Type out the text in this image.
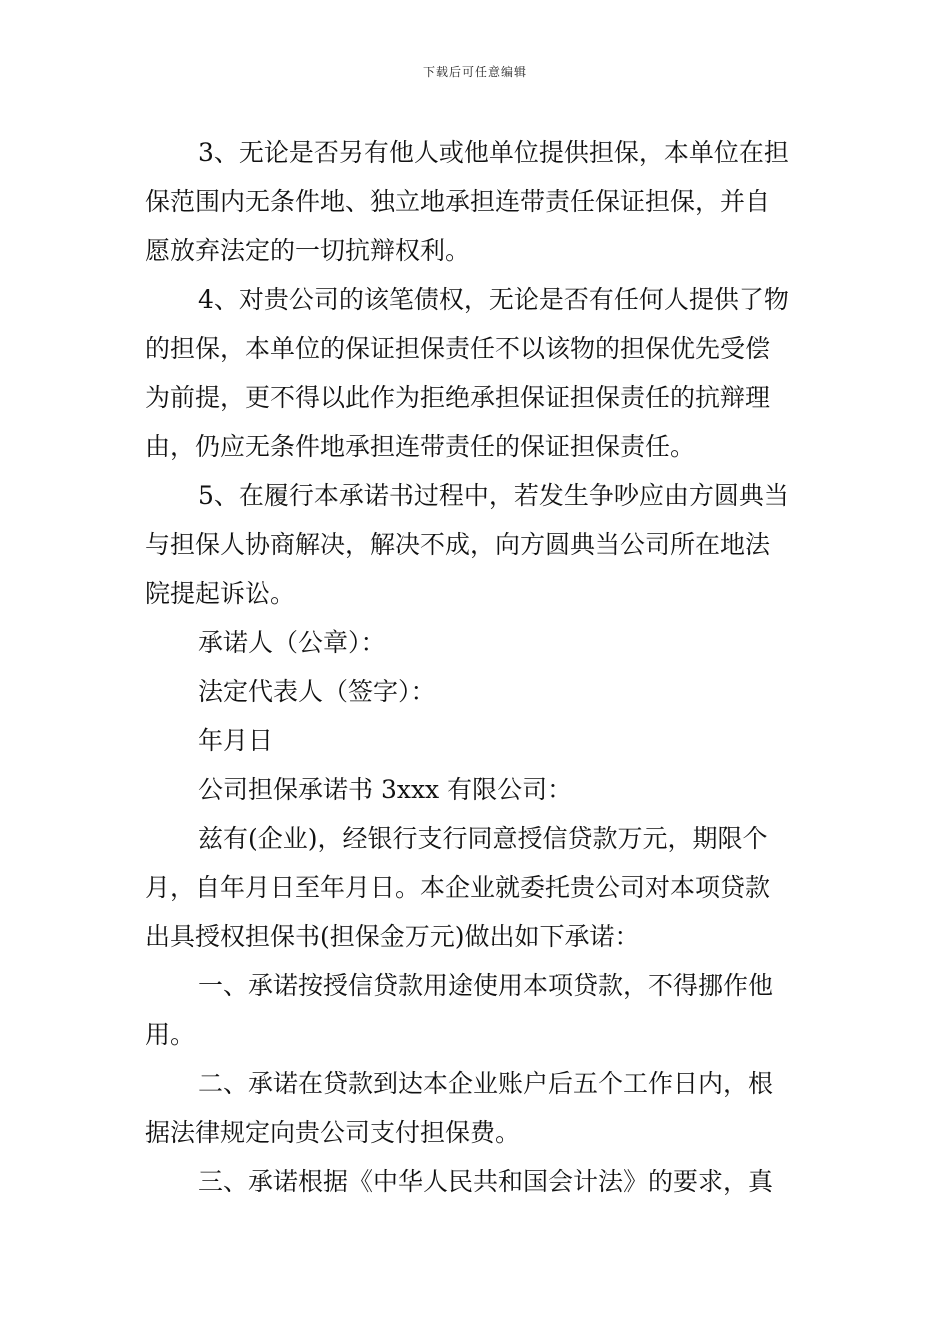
下载后可任意编辑
3、无论是否另有他人或他单位提供担保，本单位在担
保范围内无条件地、独立地承担连带责任保证担保，并自
愿放弃法定的一切抗辩权利。
4、对贵公司的该笔债权，无论是否有任何人提供了物
的担保，本单位的保证担保责任不以该物的担保优先受偿
为前提，更不得以此作为拒绝承担保证担保责任的抗辩理
由，仍应无条件地承担连带责任的保证担保责任。
5、在履行本承诺书过程中，若发生争吵应由方圆典当
与担保人协商解决，解决不成，向方圆典当公司所在地法
院提起诉讼。
承诺人（公章）：
法定代表人（签字）：
年月日
公司担保承诺书 3xxx 有限公司：
兹有(企业)，经银行支行同意授信贷款万元，期限个
月，自年月日至年月日。本企业就委托贵公司对本项贷款
出具授权担保书(担保金万元)做出如下承诺：
一、承诺按授信贷款用途使用本项贷款，不得挪作他
用。
二、承诺在贷款到达本企业账户后五个工作日内，根
据法律规定向贵公司支付担保费。
三、承诺根据《中华人民共和国会计法》的要求，真
